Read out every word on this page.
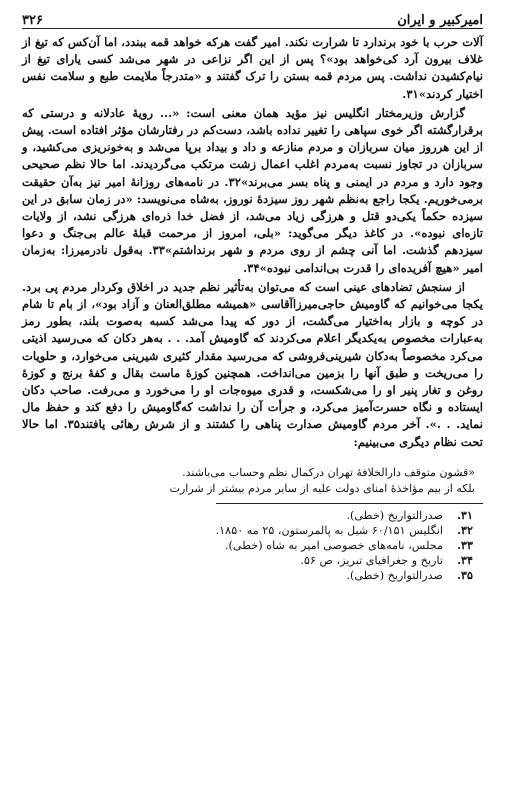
امیرکبیر و ایران
۳۲۶

آلات حرب با خود برندارد تا شرارت نکند. امیر گفت هرکه خواهد قمه ببندد، اما آن‌کس که تیغ از غلاف بیرون آرد کی‌خواهد بود»؟ پس از این اگر نزاعی در شهر می‌شد کسی یارای تیغ از نیام‌کشیدن نداشت. پس مردم قمه بستن را ترک گفتند و «متدرجاً ملایمت طبع و سلامت نفس اختیار کردند»۳۱.

گزارش وزیرمختار انگلیس نیز مؤید همان معنی است: «... رویهٔ عادلانه و درستی که برقرارگشته اگر خوی سپاهی را تغییر نداده باشد، دست‌کم در رفتارشان مؤثر افتاده است. پیش از این هرروز میان سربازان و مردم منازعه و داد و بیداد برپا می‌شد و به‌خونریزی می‌کشید، و سربازان در تجاوز نسبت به‌مردم اغلب اعمال زشت مرتکب می‌گردیدند. اما حالا نظم صحیحی وجود دارد و مردم در ایمنی و پناه بسر می‌برند»۳۲. در نامه‌های روزانهٔ امیر نیز به‌آن حقیقت برمی‌خوریم. یکجا راجع به‌نظم شهر روز سیزدهٔ نوروز، به‌شاه می‌نویسد: «در زمان سابق در این سیزده حکماً یکی‌دو قتل و هرزگی زیاد می‌شد، از فضل خدا ذره‌ای هرزگی نشد، از ولایات تازه‌ای نبوده». در کاغذ دیگر می‌گوید: «بلی، امروز از مرحمت قبلهٔ عالم بی‌جنگ و دعوا سیزدهم گذشت. اما آنی چشم از روی مردم و شهر برنداشتم»۳۳. به‌قول نادرمیرزا: به‌زمان امیر «هیچ آفریده‌ای را قدرت بی‌اندامی نبوده»۳۴.

از سنجش تضادهای عینی است که می‌توان به‌تأثیر نظم جدید در اخلاق وکردار مردم پی برد. یکجا می‌خوانیم که گاومیش حاجی‌میرزاآقاسی «همیشه مطلق‌العنان و آزاد بود»، از بام تا شام در کوچه و بازار به‌اختیار می‌گشت، از دور که پیدا می‌شد کسبه به‌صوت بلند، بطور رمز به‌عبارات مخصوص به‌یکدیگر اعلام می‌کردند که گاومیش آمد. . . به‌هر دکان که می‌رسید اذیتی می‌کرد مخصوصاً به‌دکان شیرینی‌فروشی که می‌رسید مقدار کثیری شیرینی می‌خوارد، و حلویات را می‌ریخت و طبق آنها را بزمین می‌انداخت. همچنین کوزهٔ ماست بقال و کفهٔ برنج و کوزهٔ روغن و تغار پنیر او را می‌شکست، و قدری میوه‌جات او را می‌خورد و می‌رفت. صاحب دکان ایستاده و نگاه حسرت‌آمیز می‌کرد، و جرأت آن را نداشت که‌گاومیش را دفع کند و حفظ مال نماید. . .». آخر مردم گاومیش صدارت پناهی را کشتند و از شرش رهائی یافتند۳۵. اما حالا تحت نظام دیگری می‌بینیم:

«قشون متوقف دارالخلافهٔ تهران درکمال نظم وحساب می‌باشند.
بلکه از بیم مؤاخذهٔ امنای دولت علیه از سایر مردم بیشتر از شرارت
۳۱.
صدرالتواریخ (خطی).
۳۲.
انگلیس ۶۰/۱۵۱ شیل به پالمرستون، ۲۵ مه ۱۸۵۰.
۳۳.
مجلس، نامه‌های خصوصی امیر به شاه (خطی).
۳۴.
تاریخ و جغرافیای تبریز، ص ۵۶.
۳۵.
صدرالتواریخ (خطی).
